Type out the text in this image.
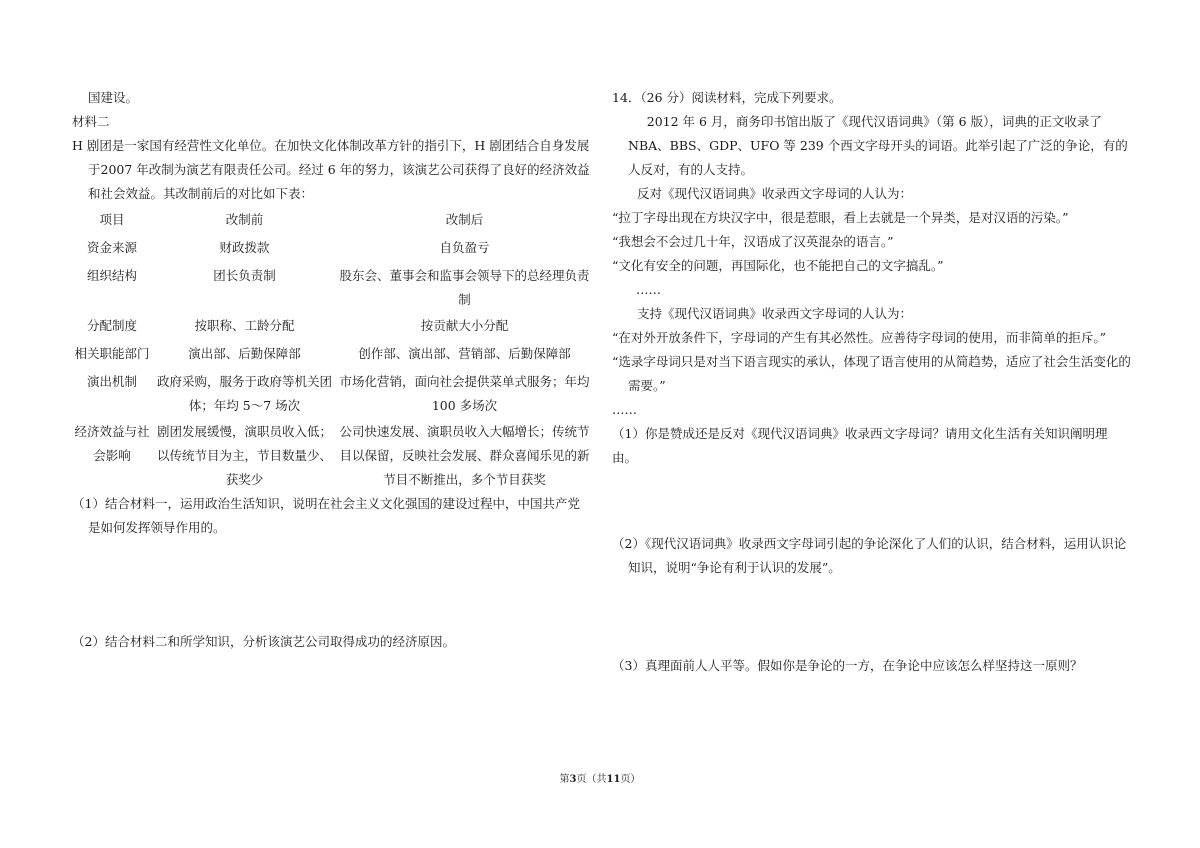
国建设。

材料二

H 剧团是一家国有经营性文化单位。在加快文化体制改革方针的指引下，H 剧团结合自身发展于2007 年改制为演艺有限责任公司。经过 6 年的努力，该演艺公司获得了良好的经济效益和社会效益。其改制前后的对比如下表：

项目	改制前	改制后
资金来源	财政拨款	自负盈亏
组织结构	团长负责制	股东会、董事会和监事会领导下的总经理负责制
分配制度	按职称、工龄分配	按贡献大小分配
相关职能部门	演出部、后勤保障部	创作部、演出部、营销部、后勤保障部
演出机制	政府采购，服务于政府等机关团体；年均 5～7 场次	市场化营销，面向社会提供菜单式服务；年均100 多场次
经济效益与社会影响	剧团发展缓慢，演职员收入低；以传统节目为主，节目数量少、获奖少	公司快速发展、演职员收入大幅增长；传统节目以保留，反映社会发展、群众喜闻乐见的新节目不断推出，多个节目获奖

（1）结合材料一，运用政治生活知识，说明在社会主义文化强国的建设过程中，中国共产党是如何发挥领导作用的。

（2）结合材料二和所学知识，分析该演艺公司取得成功的经济原因。

14．（26 分）阅读材料，完成下列要求。

2012 年 6 月，商务印书馆出版了《现代汉语词典》（第 6 版），词典的正文收录了 NBA、BBS、GDP、UFO 等 239 个西文字母开头的词语。此举引起了广泛的争论，有的人反对，有的人支持。

反对《现代汉语词典》收录西文字母词的人认为：

“拉丁字母出现在方块汉字中，很是惹眼，看上去就是一个异类，是对汉语的污染。”

“我想会不会过几十年，汉语成了汉英混杂的语言。”

“文化有安全的问题，再国际化，也不能把自己的文字搞乱。”

……

支持《现代汉语词典》收录西文字母词的人认为：

“在对外开放条件下，字母词的产生有其必然性。应善待字母词的使用，而非简单的拒斥。”

“选录字母词只是对当下语言现实的承认，体现了语言使用的从简趋势，适应了社会生活变化的需要。”

……

（1）你是赞成还是反对《现代汉语词典》收录西文字母词？请用文化生活有关知识阐明理由。

（2）《现代汉语词典》收录西文字母词引起的争论深化了人们的认识，结合材料，运用认识论知识，说明“争论有利于认识的发展”。

（3）真理面前人人平等。假如你是争论的一方，在争论中应该怎么样坚持这一原则？

第3页（共11页）
